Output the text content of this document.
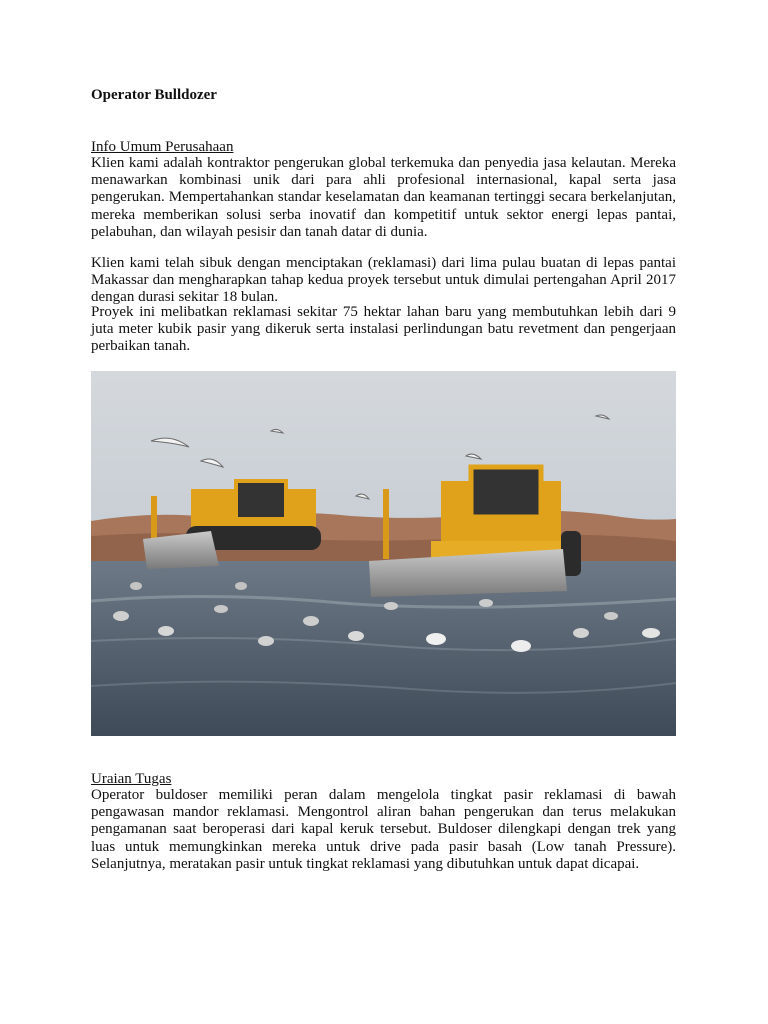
Operator Bulldozer
Info Umum Perusahaan

Klien kami adalah kontraktor pengerukan global terkemuka dan penyedia jasa kelautan. Mereka menawarkan kombinasi unik dari para ahli profesional internasional, kapal serta jasa pengerukan. Mempertahankan standar keselamatan dan keamanan tertinggi secara berkelanjutan, mereka memberikan solusi serba inovatif dan kompetitif untuk sektor energi lepas pantai, pelabuhan, dan wilayah pesisir dan tanah datar di dunia.

Klien kami telah sibuk dengan menciptakan (reklamasi) dari lima pulau buatan di lepas pantai Makassar dan mengharapkan tahap kedua proyek tersebut untuk dimulai pertengahan April 2017 dengan durasi sekitar 18 bulan.

Proyek ini melibatkan reklamasi sekitar 75 hektar lahan baru yang membutuhkan lebih dari 9 juta meter kubik pasir yang dikeruk serta instalasi perlindungan batu revetment dan pengerjaan perbaikan tanah.

Uraian Tugas

Operator buldoser memiliki peran dalam mengelola tingkat pasir reklamasi di bawah pengawasan mandor reklamasi. Mengontrol aliran bahan pengerukan dan terus melakukan pengamanan saat beroperasi dari kapal keruk tersebut. Buldoser dilengkapi dengan trek yang luas untuk memungkinkan mereka untuk drive pada pasir basah (Low tanah Pressure). Selanjutnya, meratakan pasir untuk tingkat reklamasi yang dibutuhkan untuk dapat dicapai.
